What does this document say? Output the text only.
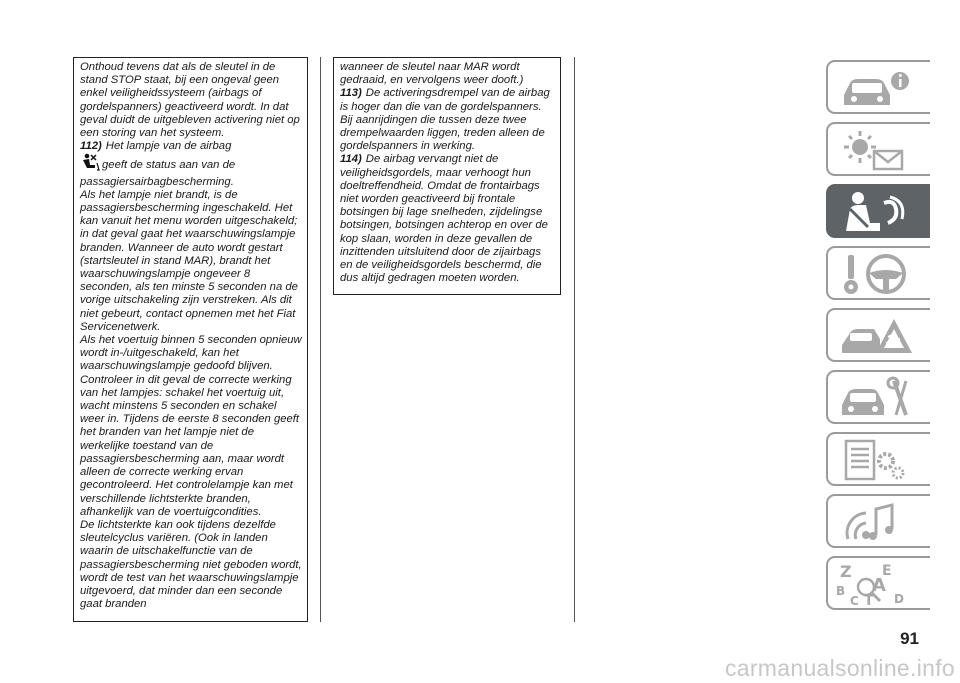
Onthoud tevens dat als de sleutel in de stand STOP staat, bij een ongeval geen enkel veiligheidssysteem (airbags of gordelspanners) geactiveerd wordt. In dat geval duidt de uitgebleven activering niet op een storing van het systeem.

112) Het lampje van de airbag

geeft de status aan van de passagiersairbagbescherming.

Als het lampje niet brandt, is de passagiersbescherming ingeschakeld. Het kan vanuit het menu worden uitgeschakeld; in dat geval gaat het waarschuwingslampje branden. Wanneer de auto wordt gestart (startsleutel in stand MAR), brandt het waarschuwingslampje ongeveer 8 seconden, als ten minste 5 seconden na de vorige uitschakeling zijn verstreken. Als dit niet gebeurt, contact opnemen met het Fiat Servicenetwerk.

Als het voertuig binnen 5 seconden opnieuw wordt in-/uitgeschakeld, kan het waarschuwingslampje gedoofd blijven. Controleer in dit geval de correcte werking van het lampjes: schakel het voertuig uit, wacht minstens 5 seconden en schakel weer in. Tijdens de eerste 8 seconden geeft het branden van het lampje niet de werkelijke toestand van de passagiersbescherming aan, maar wordt alleen de correcte werking ervan gecontroleerd. Het controlelampje kan met verschillende lichtsterkte branden, afhankelijk van de voertuigcondities.

De lichtsterkte kan ook tijdens dezelfde sleutelcyclus variëren. (Ook in landen waarin de uitschakelfunctie van de passagiersbescherming niet geboden wordt, wordt de test van het waarschuwingslampje uitgevoerd, dat minder dan een seconde gaat branden

wanneer de sleutel naar MAR wordt gedraaid, en vervolgens weer dooft.)

113) De activeringsdrempel van de airbag is hoger dan die van de gordelspanners. Bij aanrijdingen die tussen deze twee drempelwaarden liggen, treden alleen de gordelspanners in werking.

114) De airbag vervangt niet de veiligheidsgordels, maar verhoogt hun doeltreffendheid. Omdat de frontairbags niet worden geactiveerd bij frontale botsingen bij lage snelheden, zijdelingse botsingen, botsingen achterop en over de kop slaan, worden in deze gevallen de inzittenden uitsluitend door de zijairbags en de veiligheidsgordels beschermd, die dus altijd gedragen moeten worden.

Z E
A
B
C T D
91
carmanualsonline.info
